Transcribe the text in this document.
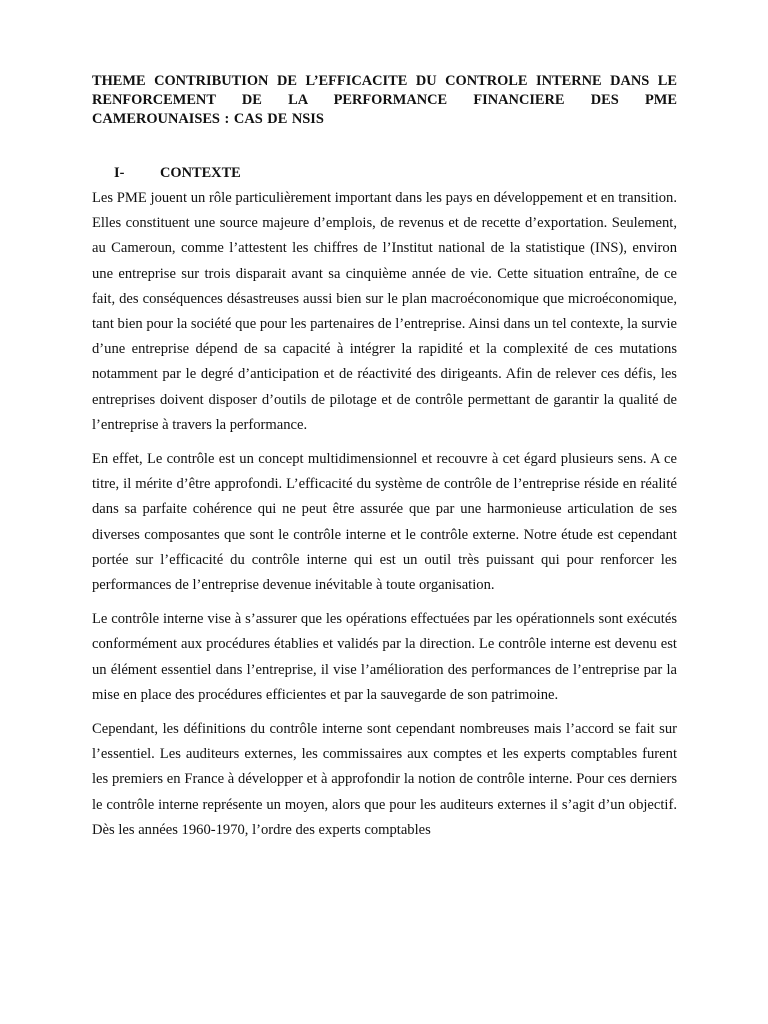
THEME CONTRIBUTION DE L’EFFICACITE DU CONTROLE INTERNE DANS LE RENFORCEMENT DE LA PERFORMANCE FINANCIERE DES PME CAMEROUNAISES : CAS DE NSIS

I-	CONTEXTE

Les PME jouent un rôle particulièrement important dans les pays en développement et en transition. Elles constituent une source majeure d’emplois, de revenus et de recette d’exportation. Seulement, au Cameroun, comme l’attestent les chiffres de l’Institut national de la statistique (INS), environ une entreprise sur trois disparait avant sa cinquième année de vie. Cette situation entraîne, de ce fait, des conséquences désastreuses aussi bien sur le plan macroéconomique que microéconomique, tant bien pour la société que pour les partenaires de l’entreprise. Ainsi dans un tel contexte, la survie d’une entreprise dépend de sa capacité à intégrer la rapidité et la complexité de ces mutations notamment par le degré d’anticipation et de réactivité des dirigeants. Afin de relever ces défis, les entreprises doivent disposer d’outils de pilotage et de contrôle permettant de garantir la qualité de l’entreprise à travers la performance.

En effet, Le contrôle est un concept multidimensionnel et recouvre à cet égard plusieurs sens. A ce titre, il mérite d’être approfondi. L’efficacité du système de contrôle de l’entreprise réside en réalité dans sa parfaite cohérence qui ne peut être assurée que par une harmonieuse articulation de ses diverses composantes que sont le contrôle interne et le contrôle externe. Notre étude est cependant portée sur l’efficacité du contrôle interne qui est un outil très puissant qui pour renforcer les performances de l’entreprise devenue inévitable à toute organisation.

Le contrôle interne vise à s’assurer que les opérations effectuées par les opérationnels sont exécutés conformément aux procédures établies et validés par la direction. Le contrôle interne est devenu est un élément essentiel dans l’entreprise, il vise l’amélioration des performances de l’entreprise par la mise en place des procédures efficientes et par la sauvegarde de son patrimoine.

Cependant, les définitions du contrôle interne sont cependant nombreuses mais l’accord se fait sur l’essentiel. Les auditeurs externes, les commissaires aux comptes et les experts comptables furent les premiers en France à développer et à approfondir la notion de contrôle interne. Pour ces derniers le contrôle interne représente un moyen, alors que pour les auditeurs externes il s’agit d’un objectif. Dès les années 1960-1970, l’ordre des experts comptables
